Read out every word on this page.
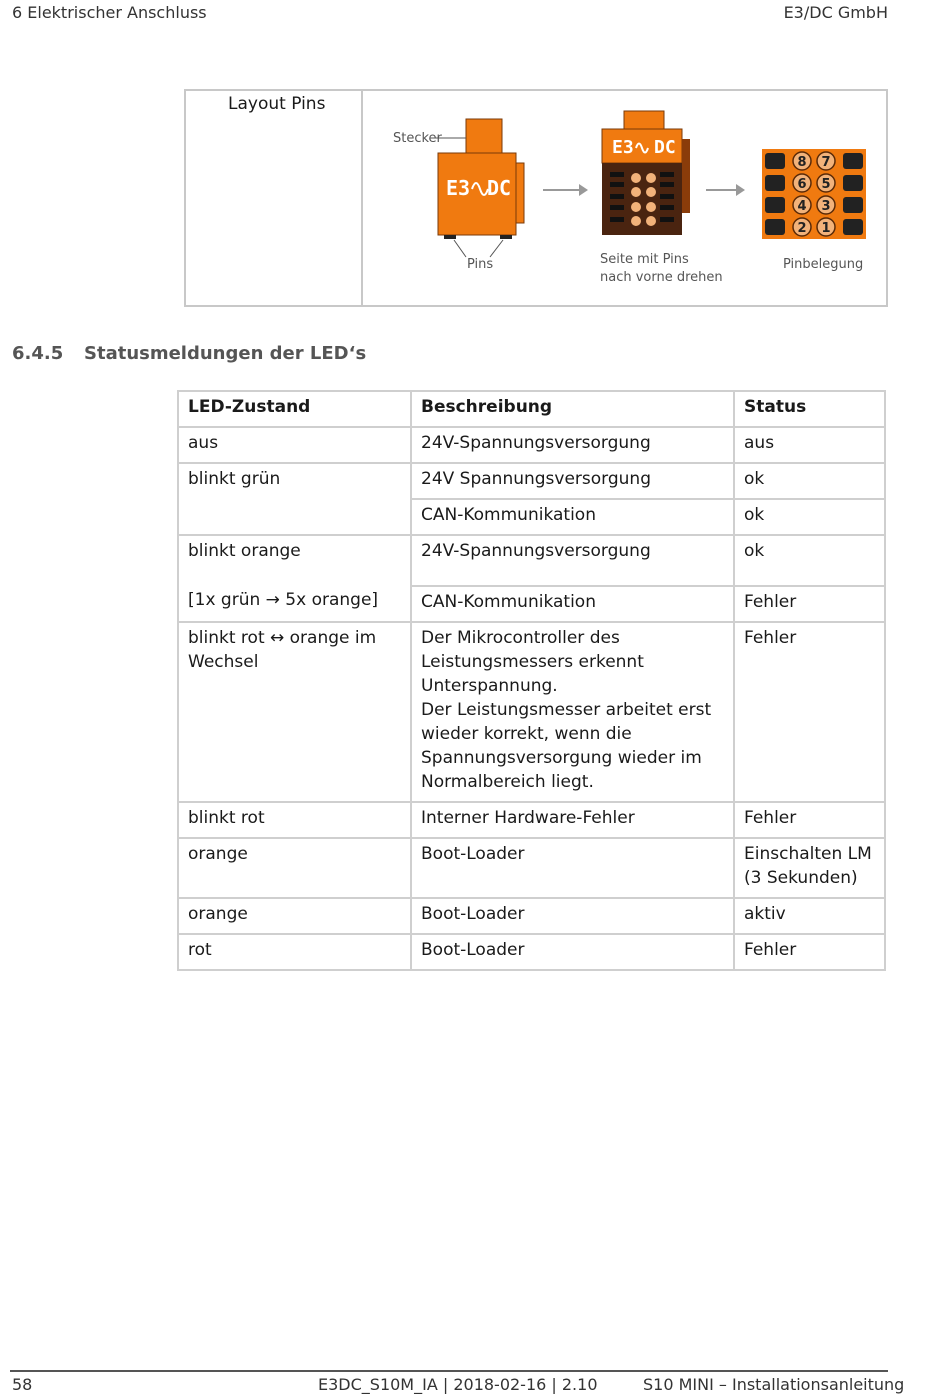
6 Elektrischer Anschluss	E3/DC GmbH
Layout Pins
E3 DC
Stecker
Pins
E3 DC
Seite mit Pins
nach vorne drehen
8 7
6 5
4 3
2 1
Pinbelegung
6.4.5 Statusmeldungen der LED‘s
LED-Zustand	Beschreibung	Status
aus	24V-Spannungsversorgung	aus
blinkt grün	24V Spannungsversorgung	ok
	CAN-Kommunikation	ok
blinkt orange
[1x grün → 5x orange]	24V-Spannungsversorgung	ok
	CAN-Kommunikation	Fehler
blinkt rot ↔ orange im Wechsel	Der Mikrocontroller des Leistungsmessers erkennt Unterspannung.
Der Leistungsmesser arbeitet erst wieder korrekt, wenn die Spannungsversorgung wieder im Normalbereich liegt.	Fehler
blinkt rot	Interner Hardware-Fehler	Fehler
orange	Boot-Loader	Einschalten LM
(3 Sekunden)
orange	Boot-Loader	aktiv
rot	Boot-Loader	Fehler
58	E3DC_S10M_IA | 2018-02-16 | 2.10	S10 MINI – Installationsanleitung
